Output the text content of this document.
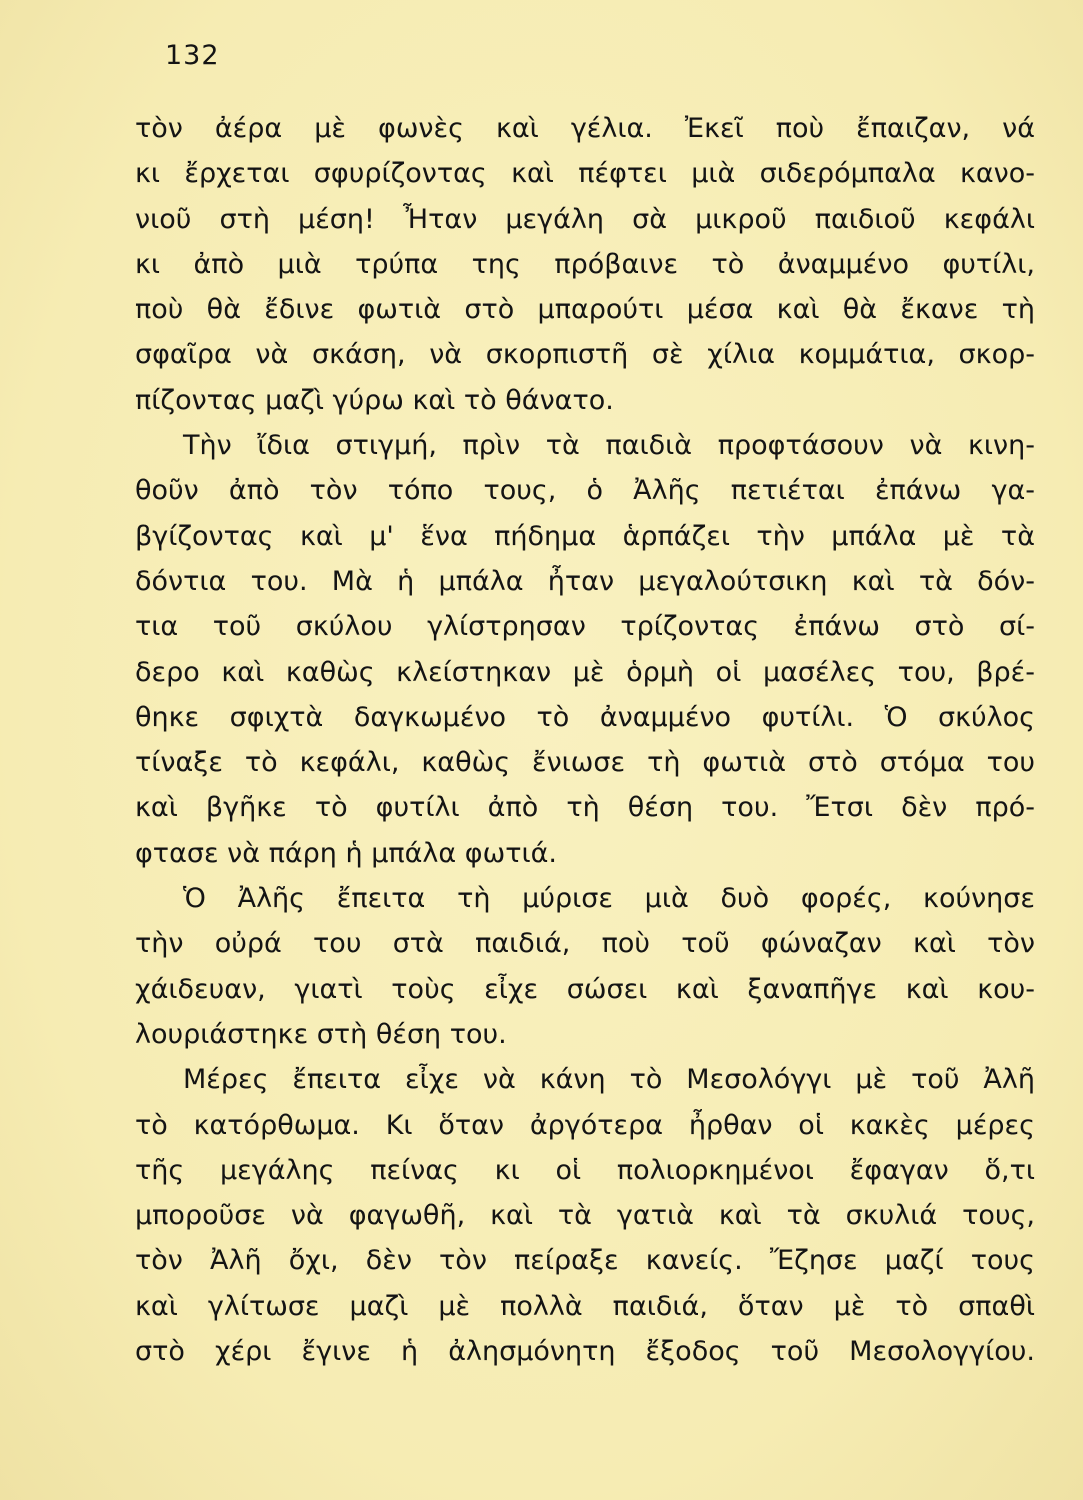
132
τὸν ἀέρα μὲ φωνὲς καὶ γέλια. Ἐκεῖ ποὺ ἔπαιζαν, νά
κι ἔρχεται σφυρίζοντας καὶ πέφτει μιὰ σιδερόμπαλα κανο-
νιοῦ στὴ μέση! Ἦταν μεγάλη σὰ μικροῦ παιδιοῦ κεφάλι
κι ἀπὸ μιὰ τρύπα της πρόβαινε τὸ ἀναμμένο φυτίλι,
ποὺ θὰ ἔδινε φωτιὰ στὸ μπαρούτι μέσα καὶ θὰ ἔκανε τὴ
σφαῖρα νὰ σκάση, νὰ σκορπιστῆ σὲ χίλια κομμάτια, σκορ-
πίζοντας μαζὶ γύρω καὶ τὸ θάνατο.
Τὴν ἴδια στιγμή, πρὶν τὰ παιδιὰ προφτάσουν νὰ κινη-
θοῦν ἀπὸ τὸν τόπο τους, ὁ Ἀλῆς πετιέται ἐπάνω γα-
βγίζοντας καὶ μ' ἕνα πήδημα ἁρπάζει τὴν μπάλα μὲ τὰ
δόντια του. Μὰ ἡ μπάλα ἦταν μεγαλούτσικη καὶ τὰ δόν-
τια τοῦ σκύλου γλίστρησαν τρίζοντας ἐπάνω στὸ σί-
δερο καὶ καθὼς κλείστηκαν μὲ ὁρμὴ οἱ μασέλες του, βρέ-
θηκε σφιχτὰ δαγκωμένο τὸ ἀναμμένο φυτίλι. Ὁ σκύλος
τίναξε τὸ κεφάλι, καθὼς ἔνιωσε τὴ φωτιὰ στὸ στόμα του
καὶ βγῆκε τὸ φυτίλι ἀπὸ τὴ θέση του. Ἔτσι δὲν πρό-
φτασε νὰ πάρη ἡ μπάλα φωτιά.
Ὁ Ἀλῆς ἔπειτα τὴ μύρισε μιὰ δυὸ φορές, κούνησε
τὴν οὐρά του στὰ παιδιά, ποὺ τοῦ φώναζαν καὶ τὸν
χάιδευαν, γιατὶ τοὺς εἶχε σώσει καὶ ξαναπῆγε καὶ κου-
λουριάστηκε στὴ θέση του.
Μέρες ἔπειτα εἶχε νὰ κάνη τὸ Μεσολόγγι μὲ τοῦ Ἀλῆ
τὸ κατόρθωμα. Κι ὅταν ἀργότερα ἦρθαν οἱ κακὲς μέρες
τῆς μεγάλης πείνας κι οἱ πολιορκημένοι ἔφαγαν ὅ,τι
μποροῦσε νὰ φαγωθῆ, καὶ τὰ γατιὰ καὶ τὰ σκυλιά τους,
τὸν Ἀλῆ ὄχι, δὲν τὸν πείραξε κανείς. Ἔζησε μαζί τους
καὶ γλίτωσε μαζὶ μὲ πολλὰ παιδιά, ὅταν μὲ τὸ σπαθὶ
στὸ χέρι ἔγινε ἡ ἀλησμόνητη ἔξοδος τοῦ Μεσολογγίου.
